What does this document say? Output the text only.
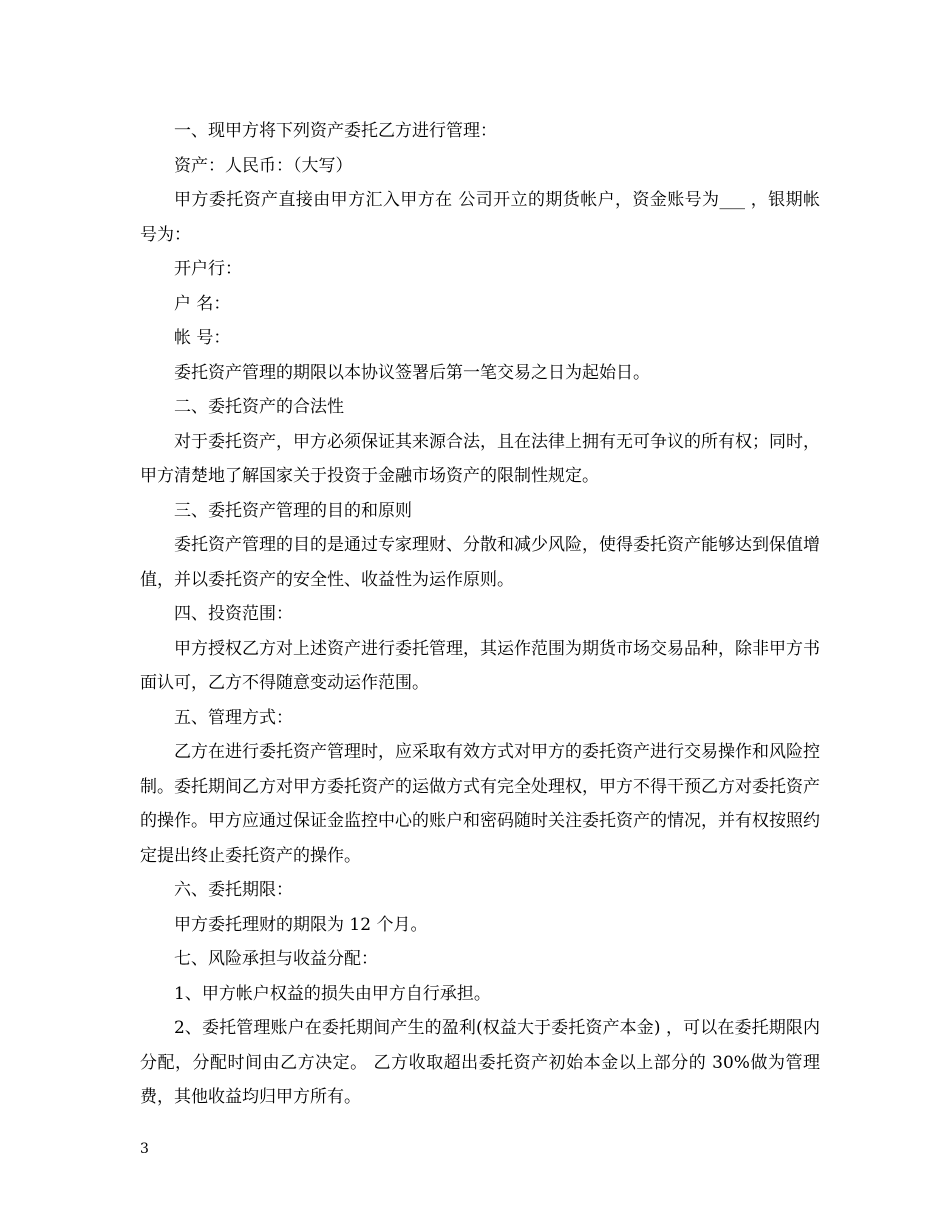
一、现甲方将下列资产委托乙方进行管理：

资产：人民币：（大写）

甲方委托资产直接由甲方汇入甲方在 公司开立的期货帐户，资金账号为___ ，银期帐号为：

开户行：

户 名：

帐 号：

委托资产管理的期限以本协议签署后第一笔交易之日为起始日。

二、委托资产的合法性

对于委托资产，甲方必须保证其来源合法，且在法律上拥有无可争议的所有权；同时，甲方清楚地了解国家关于投资于金融市场资产的限制性规定。

三、委托资产管理的目的和原则

委托资产管理的目的是通过专家理财、分散和减少风险，使得委托资产能够达到保值增值，并以委托资产的安全性、收益性为运作原则。

四、投资范围：

甲方授权乙方对上述资产进行委托管理，其运作范围为期货市场交易品种，除非甲方书面认可，乙方不得随意变动运作范围。

五、管理方式：

乙方在进行委托资产管理时，应采取有效方式对甲方的委托资产进行交易操作和风险控制。委托期间乙方对甲方委托资产的运做方式有完全处理权，甲方不得干预乙方对委托资产的操作。甲方应通过保证金监控中心的账户和密码随时关注委托资产的情况，并有权按照约定提出终止委托资产的操作。

六、委托期限：

甲方委托理财的期限为 12 个月。

七、风险承担与收益分配：

1、甲方帐户权益的损失由甲方自行承担。

2、委托管理账户在委托期间产生的盈利(权益大于委托资产本金) ，可以在委托期限内分配，分配时间由乙方决定。 乙方收取超出委托资产初始本金以上部分的 30%做为管理费，其他收益均归甲方所有。

3
